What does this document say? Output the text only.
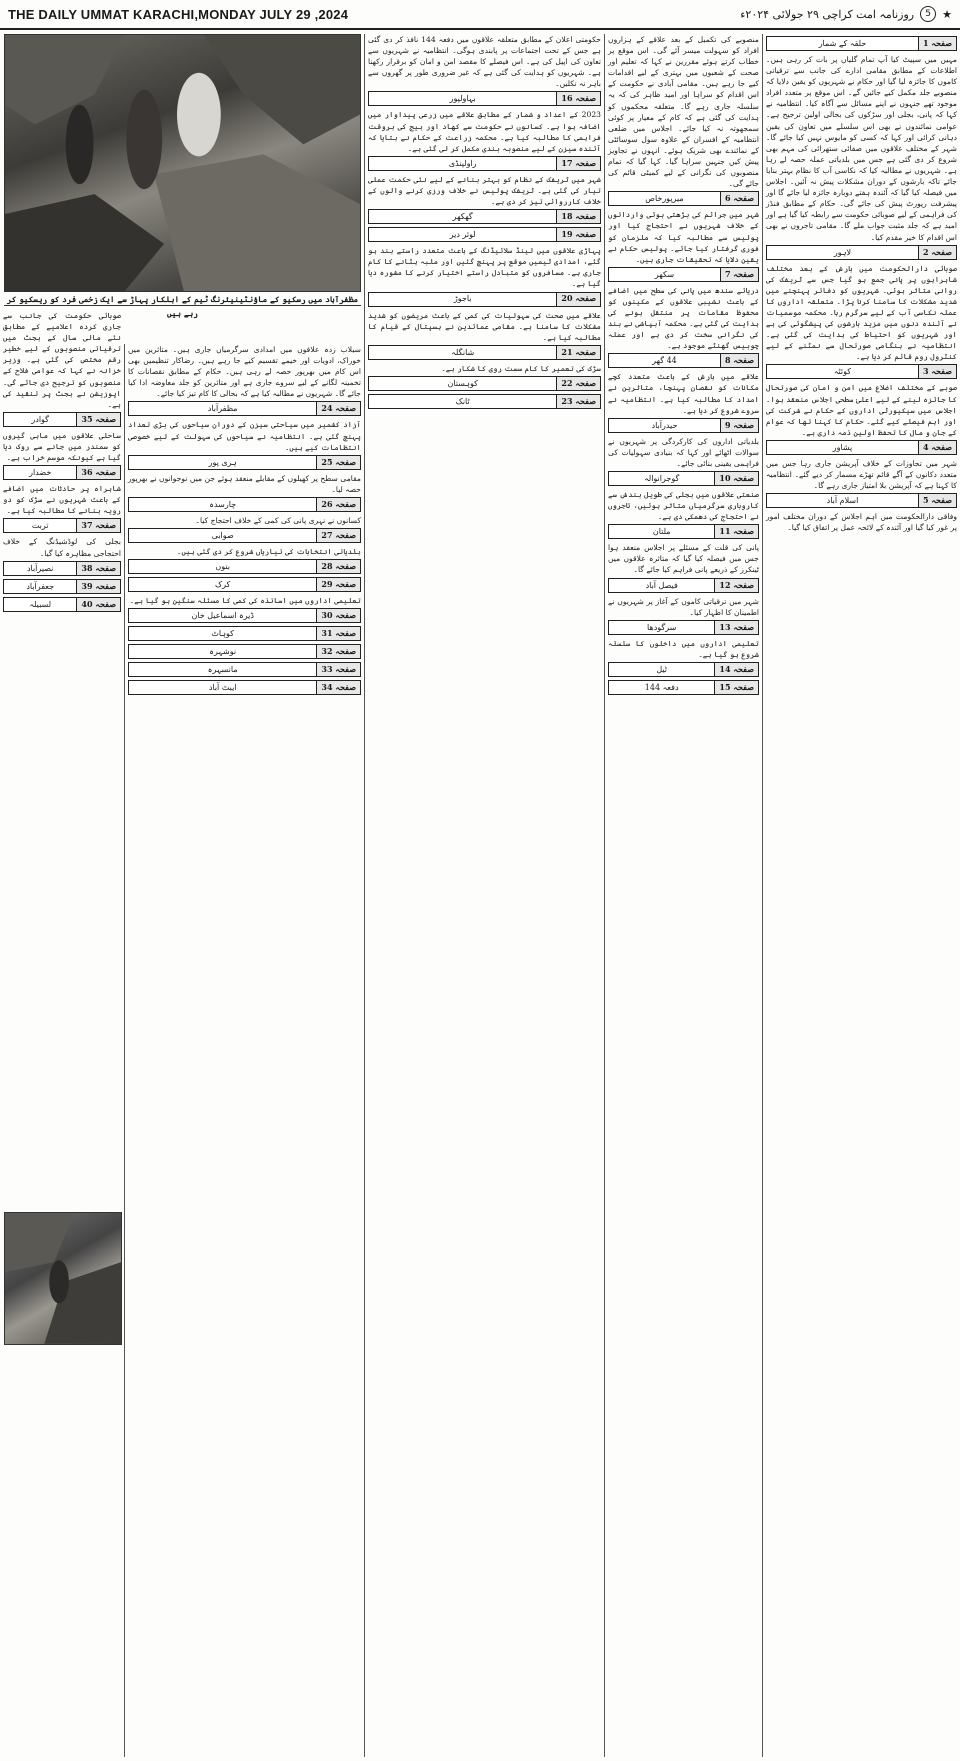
THE DAILY UMMAT KARACHI,MONDAY JULY 29 ,2024	★
5
روزنامہ امت کراچی ۲۹ جولائی ۲۰۲۴ء
مظفرآباد میں رسکیو کے ماؤنٹینیئرنگ ٹیم کے اہلکار پہاڑ سے ایک زخمی فرد کو ریسکیو کر رہے ہیں
صفحہ 1
حلقہ کے شمار

مہیں میں سپیٹ کیا آپ تمام گلیاں پر بات کر رہی ہیں۔ اطلاعات کے مطابق مقامی ادارے کی جانب سے ترقیاتی کاموں کا جائزہ لیا گیا اور حکام نے شہریوں کو یقین دلایا کہ منصوبے جلد مکمل کیے جائیں گے۔ اس موقع پر متعدد افراد موجود تھے جنہوں نے اپنے مسائل سے آگاہ کیا۔ انتظامیہ نے کہا کہ پانی، بجلی اور سڑکوں کی بحالی اولین ترجیح ہے۔ عوامی نمائندوں نے بھی اس سلسلے میں تعاون کی یقین دہانی کرائی اور کہا کہ کسی کو مایوس نہیں کیا جائے گا۔ شہر کے مختلف علاقوں میں صفائی ستھرائی کی مہم بھی شروع کر دی گئی ہے جس میں بلدیاتی عملہ حصہ لے رہا ہے۔ شہریوں نے مطالبہ کیا کہ نکاسی آب کا نظام بہتر بنایا جائے تاکہ بارشوں کے دوران مشکلات پیش نہ آئیں۔ اجلاس میں فیصلہ کیا گیا کہ آئندہ ہفتے دوبارہ جائزہ لیا جائے گا اور پیشرفت رپورٹ پیش کی جائے گی۔ حکام کے مطابق فنڈز کی فراہمی کے لیے صوبائی حکومت سے رابطہ کیا گیا ہے اور امید ہے کہ جلد مثبت جواب ملے گا۔ مقامی تاجروں نے بھی اس اقدام کا خیر مقدم کیا۔

صفحہ 2
لاہور

صوبائی دارالحکومت میں بارش کے بعد مختلف شاہراہوں پر پانی جمع ہو گیا جس سے ٹریفک کی روانی متاثر ہوئی۔ شہریوں کو دفاتر پہنچنے میں شدید مشکلات کا سامنا کرنا پڑا۔ متعلقہ اداروں کا عملہ نکاسی آب کے لیے سرگرم رہا۔ محکمہ موسمیات نے آئندہ دنوں میں مزید بارشوں کی پیشگوئی کی ہے اور شہریوں کو احتیاط کی ہدایت کی گئی ہے۔ انتظامیہ نے ہنگامی صورتحال سے نمٹنے کے لیے کنٹرول روم قائم کر دیا ہے۔

صفحہ 3
کوئٹہ

صوبے کے مختلف اضلاع میں امن و امان کی صورتحال کا جائزہ لینے کے لیے اعلیٰ سطحی اجلاس منعقد ہوا۔ اجلاس میں سیکیورٹی اداروں کے حکام نے شرکت کی اور اہم فیصلے کیے گئے۔ حکام کا کہنا تھا کہ عوام کے جان و مال کا تحفظ اولین ذمہ داری ہے۔

صفحہ 4
پشاور

شہر میں تجاوزات کے خلاف آپریشن جاری رہا جس میں متعدد دکانوں کے آگے قائم تھڑے مسمار کر دیے گئے۔ انتظامیہ کا کہنا ہے کہ آپریشن بلا امتیاز جاری رہے گا۔

صفحہ 5
اسلام آباد

وفاقی دارالحکومت میں اہم اجلاس کے دوران مختلف امور پر غور کیا گیا اور آئندہ کے لائحہ عمل پر اتفاق کیا گیا۔

منصوبے کی تکمیل کے بعد علاقے کے ہزاروں افراد کو سہولت میسر آئے گی۔ اس موقع پر خطاب کرتے ہوئے مقررین نے کہا کہ تعلیم اور صحت کے شعبوں میں بہتری کے لیے اقدامات کیے جا رہے ہیں۔ مقامی آبادی نے حکومت کے اس اقدام کو سراہا اور امید ظاہر کی کہ یہ سلسلہ جاری رہے گا۔ متعلقہ محکموں کو ہدایت کی گئی ہے کہ کام کے معیار پر کوئی سمجھوتہ نہ کیا جائے۔ اجلاس میں ضلعی انتظامیہ کے افسران کے علاوہ سول سوسائٹی کے نمائندے بھی شریک ہوئے۔ انہوں نے تجاویز پیش کیں جنہیں سراہا گیا۔ کہا گیا کہ تمام منصوبوں کی نگرانی کے لیے کمیٹی قائم کی جائے گی۔

صفحہ 6
میرپورخاص

شہر میں جرائم کی بڑھتی ہوئی وارداتوں کے خلاف شہریوں نے احتجاج کیا اور پولیس سے مطالبہ کیا کہ ملزمان کو فوری گرفتار کیا جائے۔ پولیس حکام نے یقین دلایا کہ تحقیقات جاری ہیں۔

صفحہ 7
سکھر

دریائے سندھ میں پانی کی سطح میں اضافے کے باعث نشیبی علاقوں کے مکینوں کو محفوظ مقامات پر منتقل ہونے کی ہدایت کی گئی ہے۔ محکمہ آبپاشی نے بند کی نگرانی سخت کر دی ہے اور عملہ چوبیس گھنٹے موجود ہے۔

صفحہ 8
44 گھر

علاقے میں بارش کے باعث متعدد کچے مکانات کو نقصان پہنچا، متاثرین نے امداد کا مطالبہ کیا ہے۔ انتظامیہ نے سروے شروع کر دیا ہے۔

صفحہ 9
حیدرآباد

بلدیاتی اداروں کی کارکردگی پر شہریوں نے سوالات اٹھائے اور کہا کہ بنیادی سہولیات کی فراہمی یقینی بنائی جائے۔

صفحہ 10
گوجرانوالہ

صنعتی علاقوں میں بجلی کی طویل بندش سے کاروباری سرگرمیاں متاثر ہوئیں، تاجروں نے احتجاج کی دھمکی دی ہے۔

صفحہ 11
ملتان

پانی کی قلت کے مسئلے پر اجلاس منعقد ہوا جس میں فیصلہ کیا گیا کہ متاثرہ علاقوں میں ٹینکرز کے ذریعے پانی فراہم کیا جائے گا۔

صفحہ 12
فیصل آباد

شہر میں ترقیاتی کاموں کے آغاز پر شہریوں نے اطمینان کا اظہار کیا۔

صفحہ 13
سرگودھا

تعلیمی اداروں میں داخلوں کا سلسلہ شروع ہو گیا ہے۔

صفحہ 14
ٹیل
صفحہ 15
دفعہ 144

حکومتی اعلان کے مطابق متعلقہ علاقوں میں دفعہ 144 نافذ کر دی گئی ہے جس کے تحت اجتماعات پر پابندی ہوگی۔ انتظامیہ نے شہریوں سے تعاون کی اپیل کی ہے۔ اس فیصلے کا مقصد امن و امان کو برقرار رکھنا ہے۔ شہریوں کو ہدایت کی گئی ہے کہ غیر ضروری طور پر گھروں سے باہر نہ نکلیں۔

صفحہ 16
بہاولپور

2023 کے اعداد و شمار کے مطابق علاقے میں زرعی پیداوار میں اضافہ ہوا ہے۔ کسانوں نے حکومت سے کھاد اور بیج کی بروقت فراہمی کا مطالبہ کیا ہے۔ محکمہ زراعت کے حکام نے بتایا کہ آئندہ سیزن کے لیے منصوبہ بندی مکمل کر لی گئی ہے۔

صفحہ 17
راولپنڈی

شہر میں ٹریفک کے نظام کو بہتر بنانے کے لیے نئی حکمت عملی تیار کی گئی ہے۔ ٹریفک پولیس نے خلاف ورزی کرنے والوں کے خلاف کارروائی تیز کر دی ہے۔

صفحہ 18
گھکھر
صفحہ 19
لوئر دیر

پہاڑی علاقوں میں لینڈ سلائیڈنگ کے باعث متعدد راستے بند ہو گئے، امدادی ٹیمیں موقع پر پہنچ گئیں اور ملبہ ہٹانے کا کام جاری ہے۔ مسافروں کو متبادل راستے اختیار کرنے کا مشورہ دیا گیا ہے۔

صفحہ 20
باجوڑ

علاقے میں صحت کی سہولیات کی کمی کے باعث مریضوں کو شدید مشکلات کا سامنا ہے۔ مقامی عمائدین نے ہسپتال کے قیام کا مطالبہ کیا ہے۔

صفحہ 21
شانگلہ

سڑک کی تعمیر کا کام سست روی کا شکار ہے۔

صفحہ 22
کوہستان
صفحہ 23
ٹانک

سیلاب زدہ علاقوں میں امدادی سرگرمیاں جاری ہیں۔ متاثرین میں خوراک، ادویات اور خیمے تقسیم کیے جا رہے ہیں۔ رضاکار تنظیمیں بھی اس کام میں بھرپور حصہ لے رہی ہیں۔ حکام کے مطابق نقصانات کا تخمینہ لگانے کے لیے سروے جاری ہے اور متاثرین کو جلد معاوضہ ادا کیا جائے گا۔ شہریوں نے مطالبہ کیا ہے کہ بحالی کا کام تیز کیا جائے۔

صفحہ 24
مظفرآباد

آزاد کشمیر میں سیاحتی سیزن کے دوران سیاحوں کی بڑی تعداد پہنچ گئی ہے۔ انتظامیہ نے سیاحوں کی سہولت کے لیے خصوصی انتظامات کیے ہیں۔

صفحہ 25
ہری پور

مقامی سطح پر کھیلوں کے مقابلے منعقد ہوئے جن میں نوجوانوں نے بھرپور حصہ لیا۔

صفحہ 26
چارسدہ

کسانوں نے نہری پانی کی کمی کے خلاف احتجاج کیا۔

صفحہ 27
صوابی

بلدیاتی انتخابات کی تیاریاں شروع کر دی گئی ہیں۔

صفحہ 28
بنوں
صفحہ 29
کرک

تعلیمی اداروں میں اساتذہ کی کمی کا مسئلہ سنگین ہو گیا ہے۔

صفحہ 30
ڈیرہ اسماعیل خان
صفحہ 31
کوہاٹ
صفحہ 32
نوشہرہ
صفحہ 33
مانسہرہ
صفحہ 34
ایبٹ آباد

صوبائی حکومت کی جانب سے جاری کردہ اعلامیے کے مطابق نئے مالی سال کے بجٹ میں ترقیاتی منصوبوں کے لیے خطیر رقم مختص کی گئی ہے۔ وزیر خزانہ نے کہا کہ عوامی فلاح کے منصوبوں کو ترجیح دی جائے گی۔ اپوزیشن نے بجٹ پر تنقید کی ہے۔

صفحہ 35
گوادر

ساحلی علاقوں میں ماہی گیروں کو سمندر میں جانے سے روک دیا گیا ہے کیونکہ موسم خراب ہے۔

صفحہ 36
خضدار

شاہراہ پر حادثات میں اضافے کے باعث شہریوں نے سڑک کو دو رویہ بنانے کا مطالبہ کیا ہے۔

صفحہ 37
تربت

بجلی کی لوڈشیڈنگ کے خلاف احتجاجی مظاہرہ کیا گیا۔

صفحہ 38
نصیرآباد
صفحہ 39
جعفرآباد
صفحہ 40
لسبیلہ
